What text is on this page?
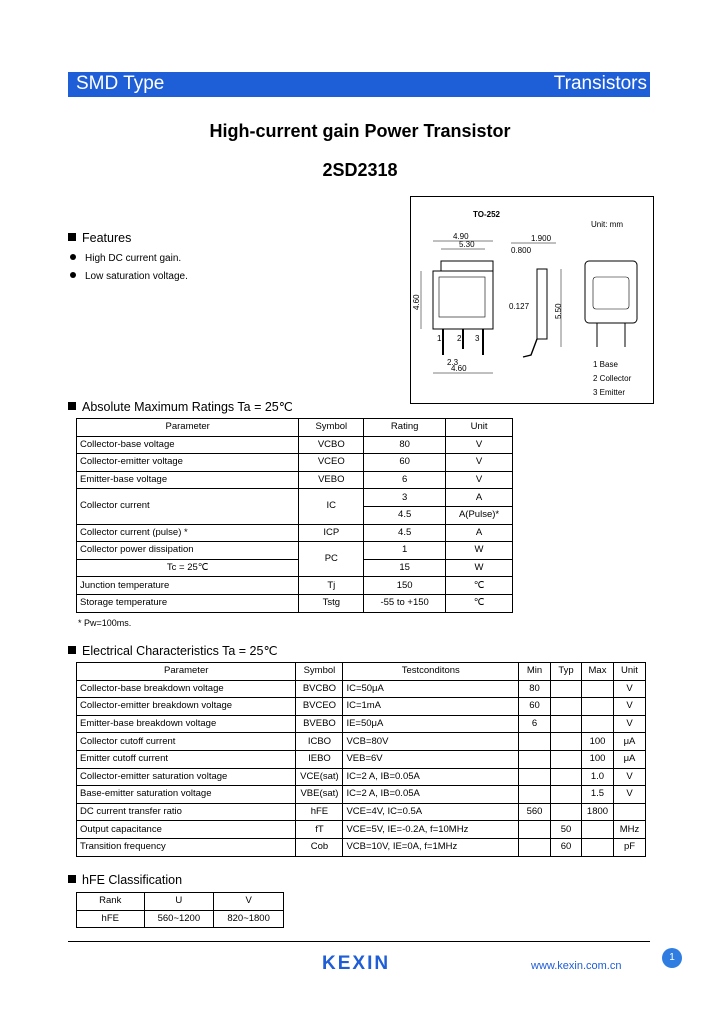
SMD Type	Transistors
High-current gain Power Transistor
2SD2318
Features
High DC current gain.
Low saturation voltage.
TO-252
Unit: mm
4.90
5.30
4.60
2.3
4.60
1 2 3
1.900
0.800
0.127	5.50
1 Base
2 Collector
3 Emitter
Absolute Maximum Ratings Ta = 25℃
Parameter	Symbol	Rating	Unit
Collector-base voltage	VCBO	80	V
Collector-emitter voltage	VCEO	60	V
Emitter-base voltage	VEBO	6	V
Collector current	IC	3	A
		4.5	A(Pulse)*
Collector current (pulse) *	ICP	4.5	A
Collector power dissipation	PC	1	W
Tc = 25℃		15	W
Junction temperature	Tj	150	℃
Storage temperature	Tstg	-55 to +150	℃
* Pw=100ms.
Electrical Characteristics Ta = 25℃
Parameter	Symbol	Testconditons	Min	Typ	Max	Unit
Collector-base breakdown voltage	BVCBO	IC=50μA	80			V
Collector-emitter breakdown voltage	BVCEO	IC=1mA	60			V
Emitter-base breakdown voltage	BVEBO	IE=50μA	6			V
Collector cutoff current	ICBO	VCB=80V			100	μA
Emitter cutoff current	IEBO	VEB=6V			100	μA
Collector-emitter saturation voltage	VCE(sat)	IC=2 A, IB=0.05A			1.0	V
Base-emitter saturation voltage	VBE(sat)	IC=2 A, IB=0.05A			1.5	V
DC current transfer ratio	hFE	VCE=4V, IC=0.5A	560		1800	
Output capacitance	fT	VCE=5V, IE=-0.2A, f=10MHz		50		MHz
Transition frequency	Cob	VCB=10V, IE=0A, f=1MHz		60		pF
hFE Classification
Rank	U	V
hFE	560~1200	820~1800
KEXIN	www.kexin.com.cn
1
